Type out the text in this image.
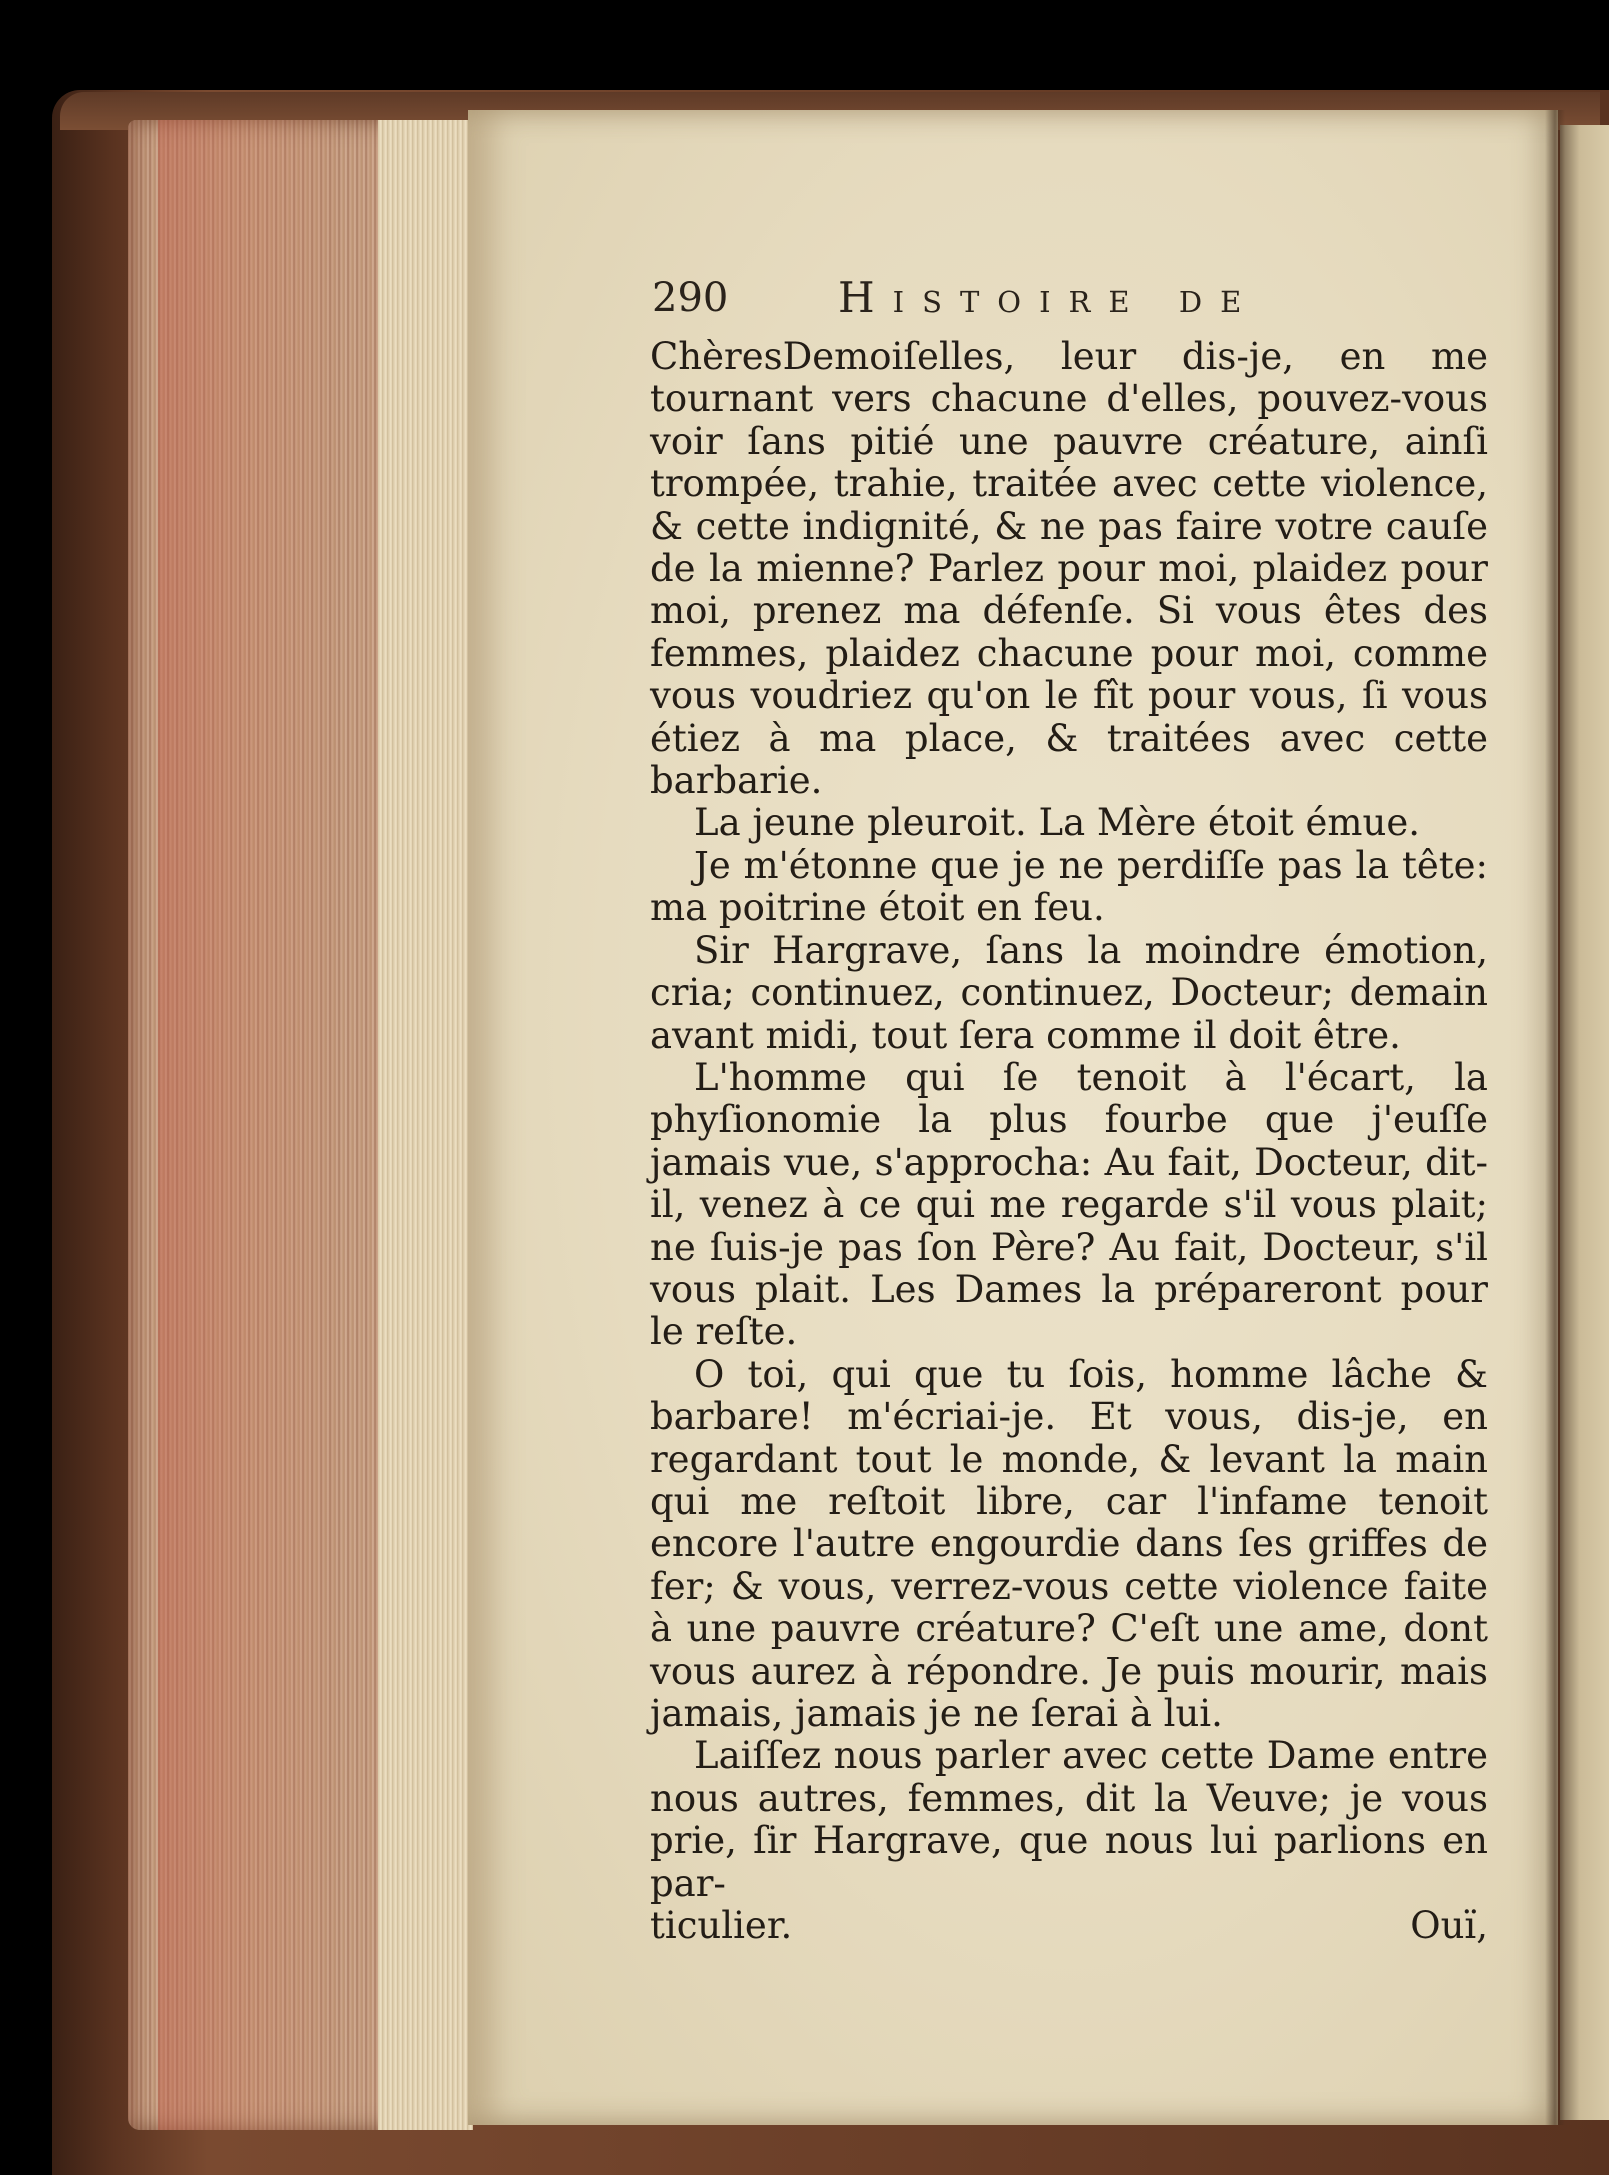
290	Histoire de

ChèresDemoiſelles, leur dis-je, en me tournant vers chacune d'elles, pouvez-vous voir ſans pitié une pauvre créature, ainſi trompée, trahie, traitée avec cette violence, & cette indignité, & ne pas faire votre cauſe de la mienne? Parlez pour moi, plaidez pour moi, prenez ma défenſe. Si vous êtes des femmes, plaidez chacune pour moi, comme vous voudriez qu'on le fît pour vous, ſi vous étiez à ma place, & traitées avec cette barbarie.

La jeune pleuroit. La Mère étoit émue.

Je m'étonne que je ne perdiſſe pas la tête: ma poitrine étoit en feu.

Sir Hargrave, ſans la moindre émotion, cria; continuez, continuez, Docteur; demain avant midi, tout ſera comme il doit être.

L'homme qui ſe tenoit à l'écart, la phyſionomie la plus fourbe que j'euſſe jamais vue, s'approcha: Au fait, Docteur, dit-il, venez à ce qui me regarde s'il vous plait; ne ſuis-je pas ſon Père? Au fait, Docteur, s'il vous plait. Les Dames la prépareront pour le reſte.

O toi, qui que tu ſois, homme lâche & barbare! m'écriai-je. Et vous, dis-je, en regardant tout le monde, & levant la main qui me reſtoit libre, car l'infame tenoit encore l'autre engourdie dans ſes griffes de fer; & vous, verrez-vous cette violence faite à une pauvre créature? C'eſt une ame, dont vous aurez à répondre. Je puis mourir, mais jamais, jamais je ne ſerai à lui.

Laiſſez nous parler avec cette Dame entre nous autres, femmes, dit la Veuve; je vous prie, ſir Hargrave, que nous lui parlions en par-

ticulier.	Ouï,
